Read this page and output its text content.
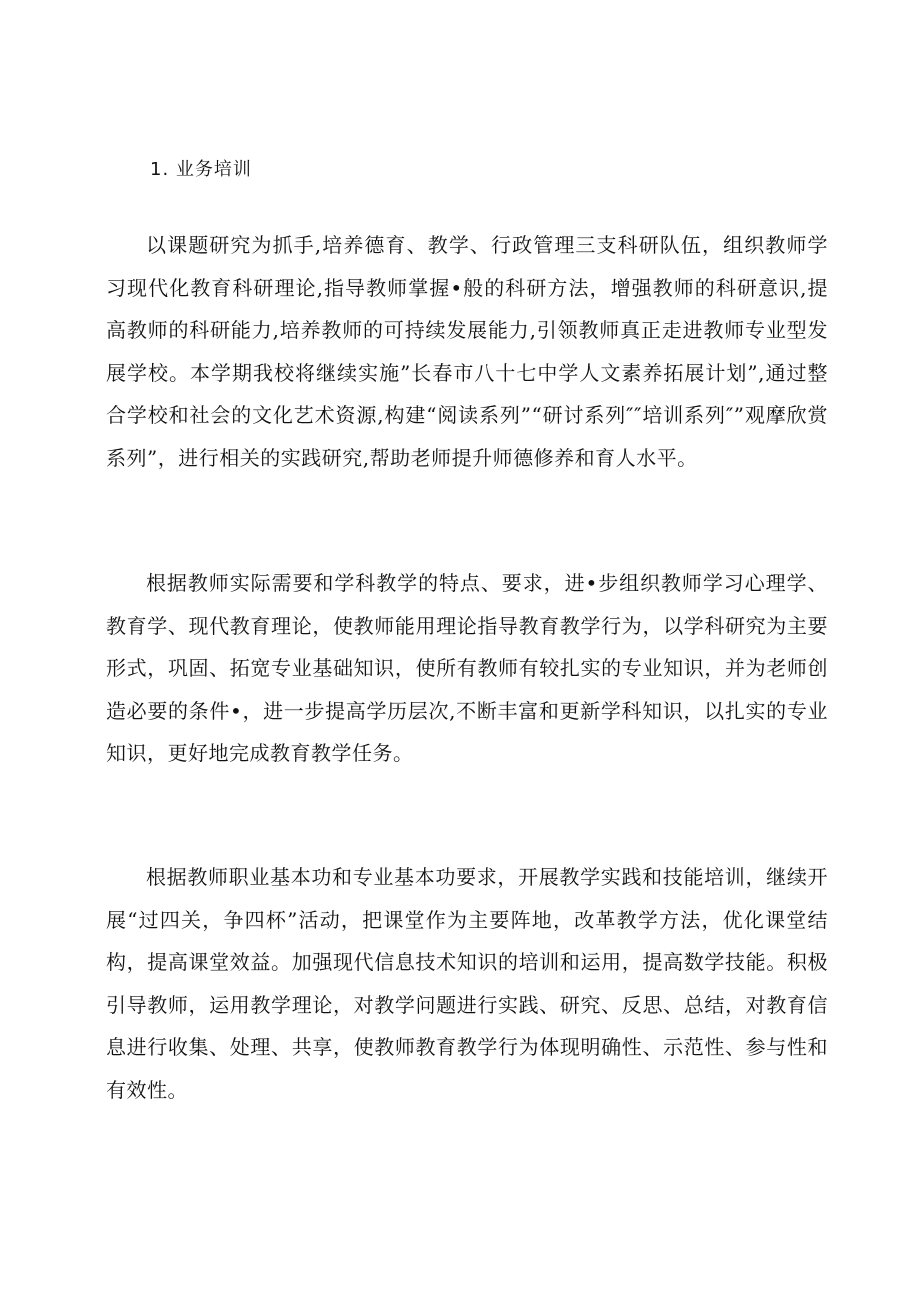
1. 业务培训

以课题研究为抓手,培养德育、教学、行政管理三支科研队伍，组织教师学习现代化教育科研理论,指导教师掌握•般的科研方法，增强教师的科研意识,提高教师的科研能力,培养教师的可持续发展能力,引领教师真正走进教师专业型发展学校。本学期我校将继续实施”长春市八十七中学人文素养拓展计划”,通过整合学校和社会的文化艺术资源,构建“阅读系列”“研讨系列″″培训系列″”观摩欣赏系列”，进行相关的实践研究,帮助老师提升师德修养和育人水平。

根据教师实际需要和学科教学的特点、要求，进•步组织教师学习心理学、教育学、现代教育理论，使教师能用理论指导教育教学行为，以学科研究为主要形式，巩固、拓宽专业基础知识，使所有教师有较扎实的专业知识，并为老师创造必要的条件•，进一步提高学历层次,不断丰富和更新学科知识，以扎实的专业知识，更好地完成教育教学任务。

根据教师职业基本功和专业基本功要求，开展教学实践和技能培训，继续开展“过四关，争四杯”活动，把课堂作为主要阵地，改革教学方法，优化课堂结构，提高课堂效益。加强现代信息技术知识的培训和运用，提高数学技能。积极引导教师，运用教学理论，对教学问题进行实践、研究、反思、总结，对教育信息进行收集、处理、共享，使教师教育教学行为体现明确性、示范性、参与性和有效性。
